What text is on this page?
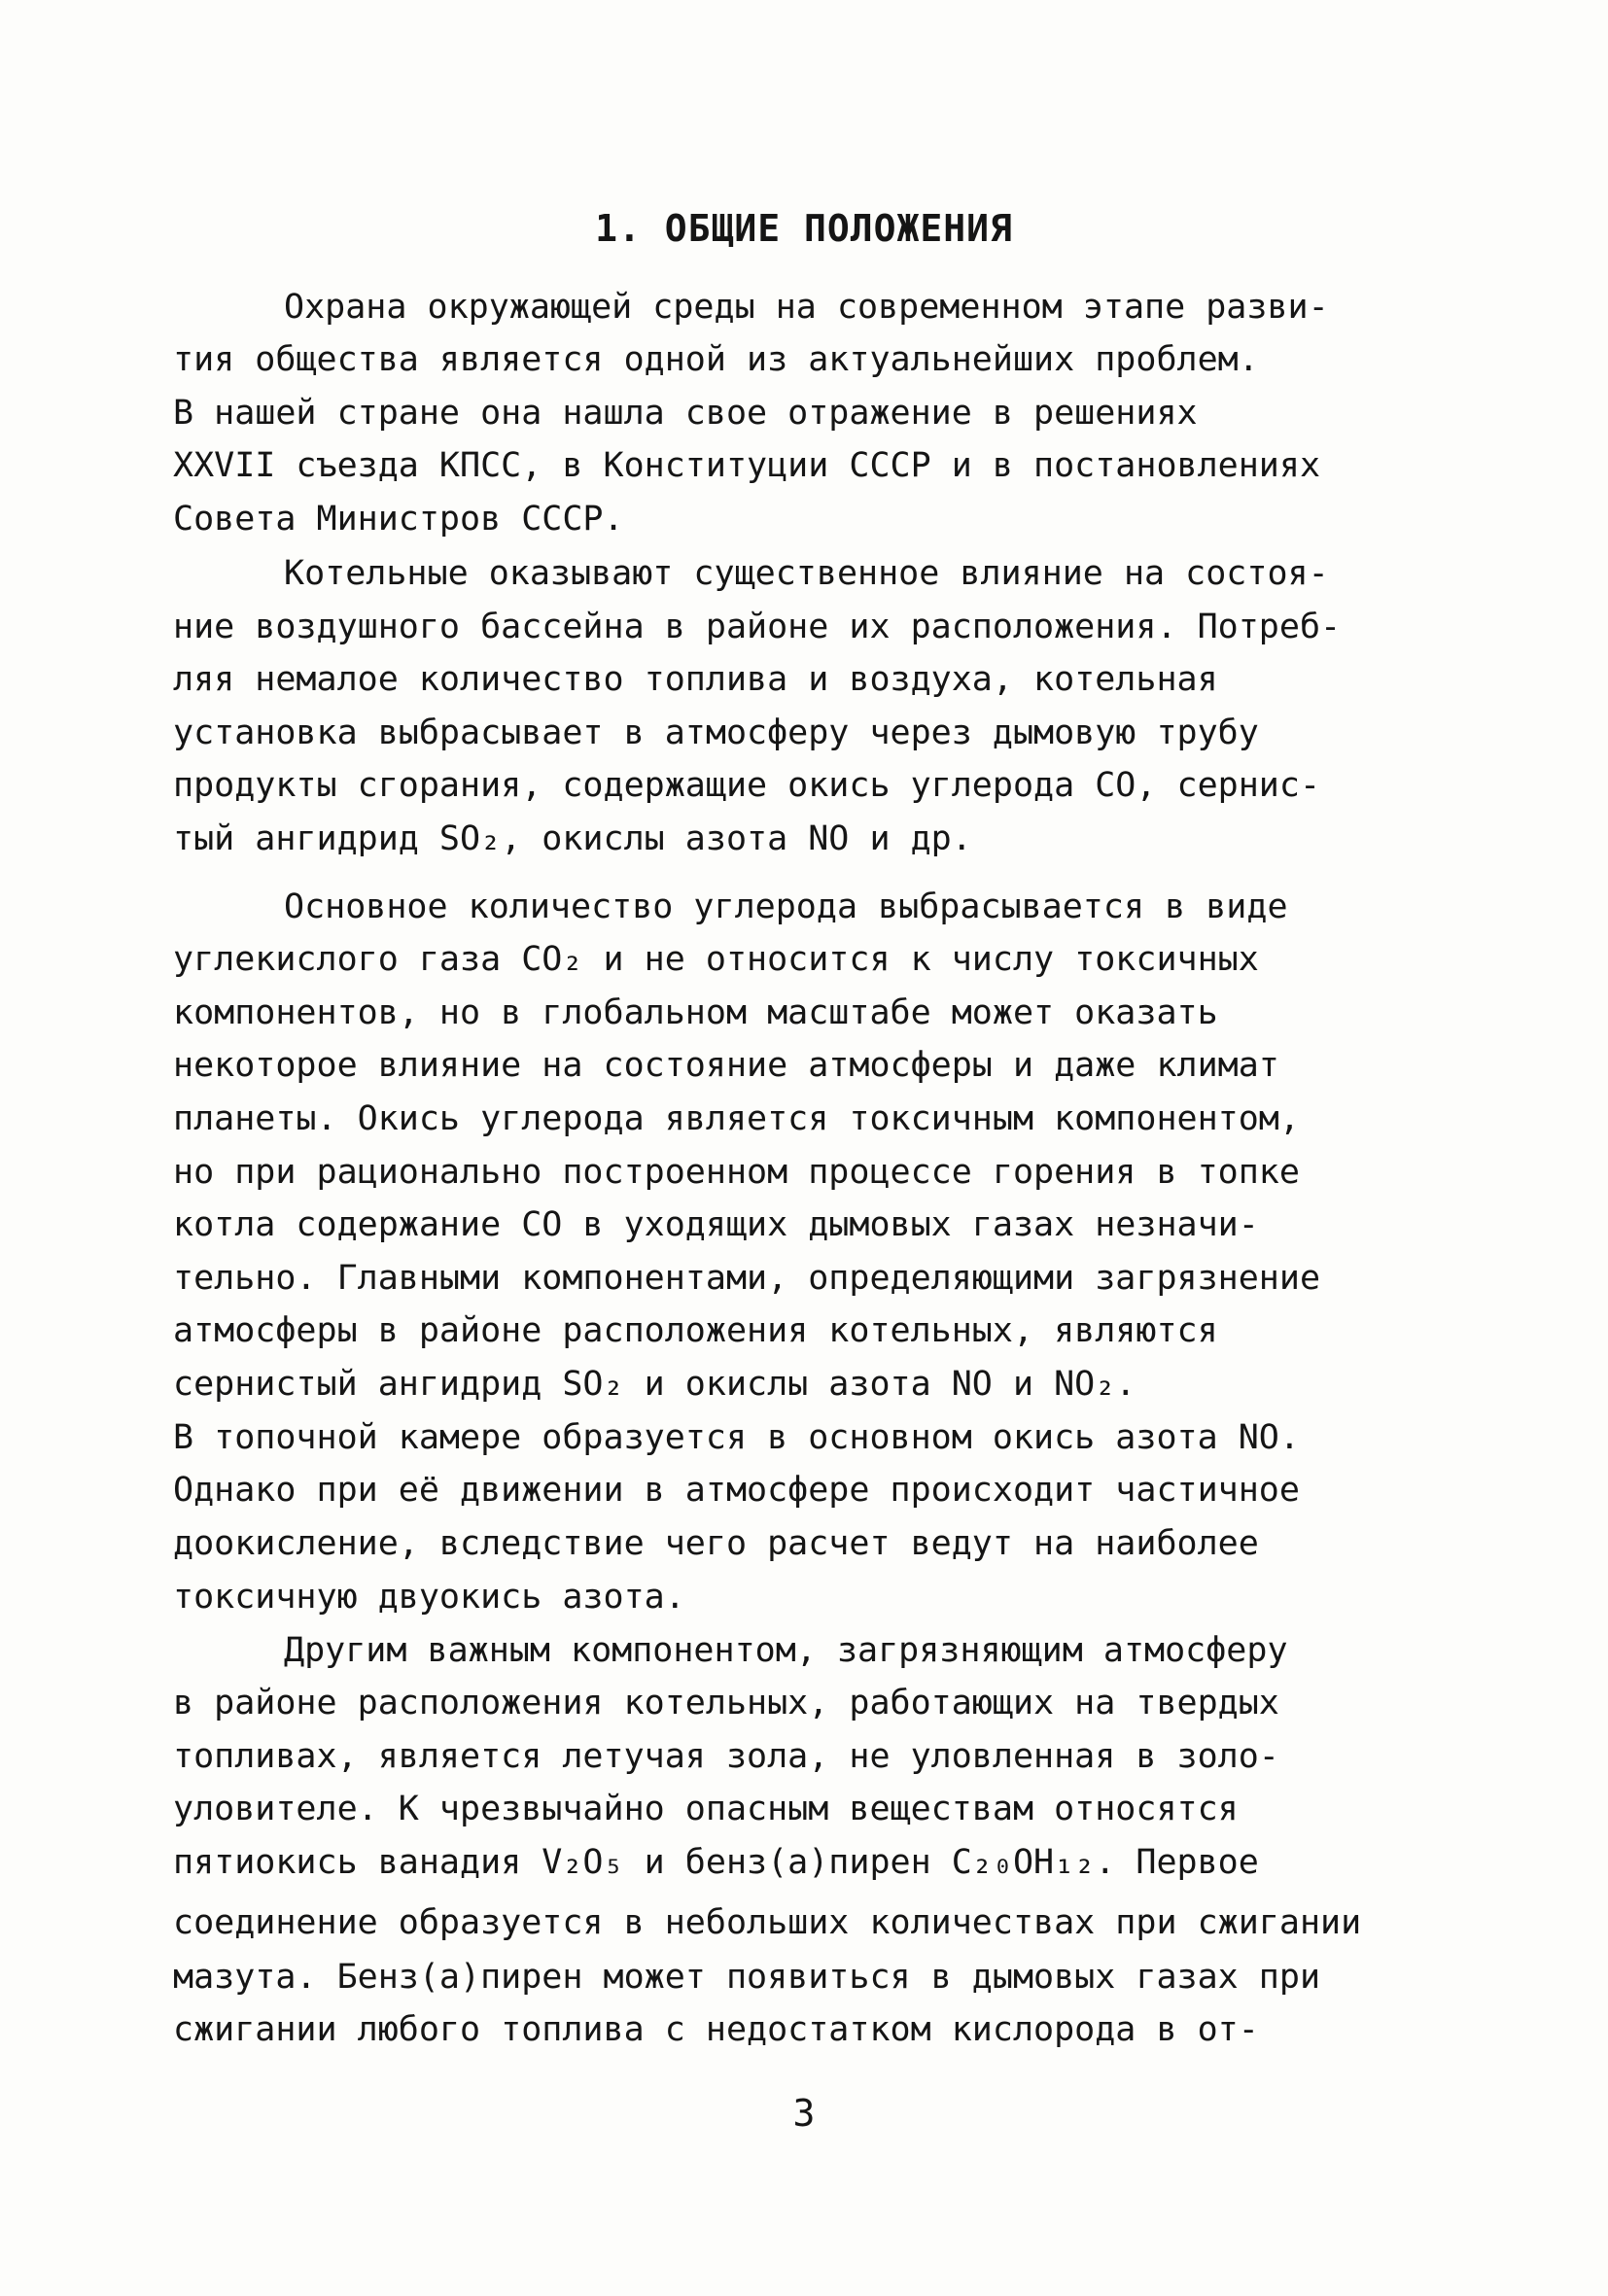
1. ОБЩИЕ ПОЛОЖЕНИЯ

Охрана окружающей среды на современном этапе разви-

тия общества является одной из актуальнейших проблем.

В нашей стране она нашла свое отражение в решениях

XXVII съезда КПСС, в Конституции СССР и в постановлениях

Совета Министров СССР.

Котельные оказывают существенное влияние на состоя-

ние воздушного бассейна в районе их расположения. Потреб-

ляя немалое количество топлива и воздуха, котельная

установка выбрасывает в атмосферу через дымовую трубу

продукты сгорания, содержащие окись углерода CO, сернис-

тый ангидрид SO₂, окислы азота NO и др.

Основное количество углерода выбрасывается в виде

углекислого газа CO₂ и не относится к числу токсичных

компонентов, но в глобальном масштабе может оказать

некоторое влияние на состояние атмосферы и даже климат

планеты. Окись углерода является токсичным компонентом,

но при рационально построенном процессе горения в топке

котла содержание CO в уходящих дымовых газах незначи-

тельно. Главными компонентами, определяющими загрязнение

атмосферы в районе расположения котельных, являются

сернистый ангидрид SO₂ и окислы азота NO и NO₂.

В топочной камере образуется в основном окись азота NO.

Однако при её движении в атмосфере происходит частичное

доокисление, вследствие чего расчет ведут на наиболее

токсичную двуокись азота.

Другим важным компонентом, загрязняющим атмосферу

в районе расположения котельных, работающих на твердых

топливах, является летучая зола, не уловленная в золо-

уловителе. К чрезвычайно опасным веществам относятся

пятиокись ванадия V₂O₅ и бенз(а)пирен C₂₀OH₁₂. Первое

соединение образуется в небольших количествах при сжигании

мазута. Бенз(а)пирен может появиться в дымовых газах при

сжигании любого топлива с недостатком кислорода в от-

3
